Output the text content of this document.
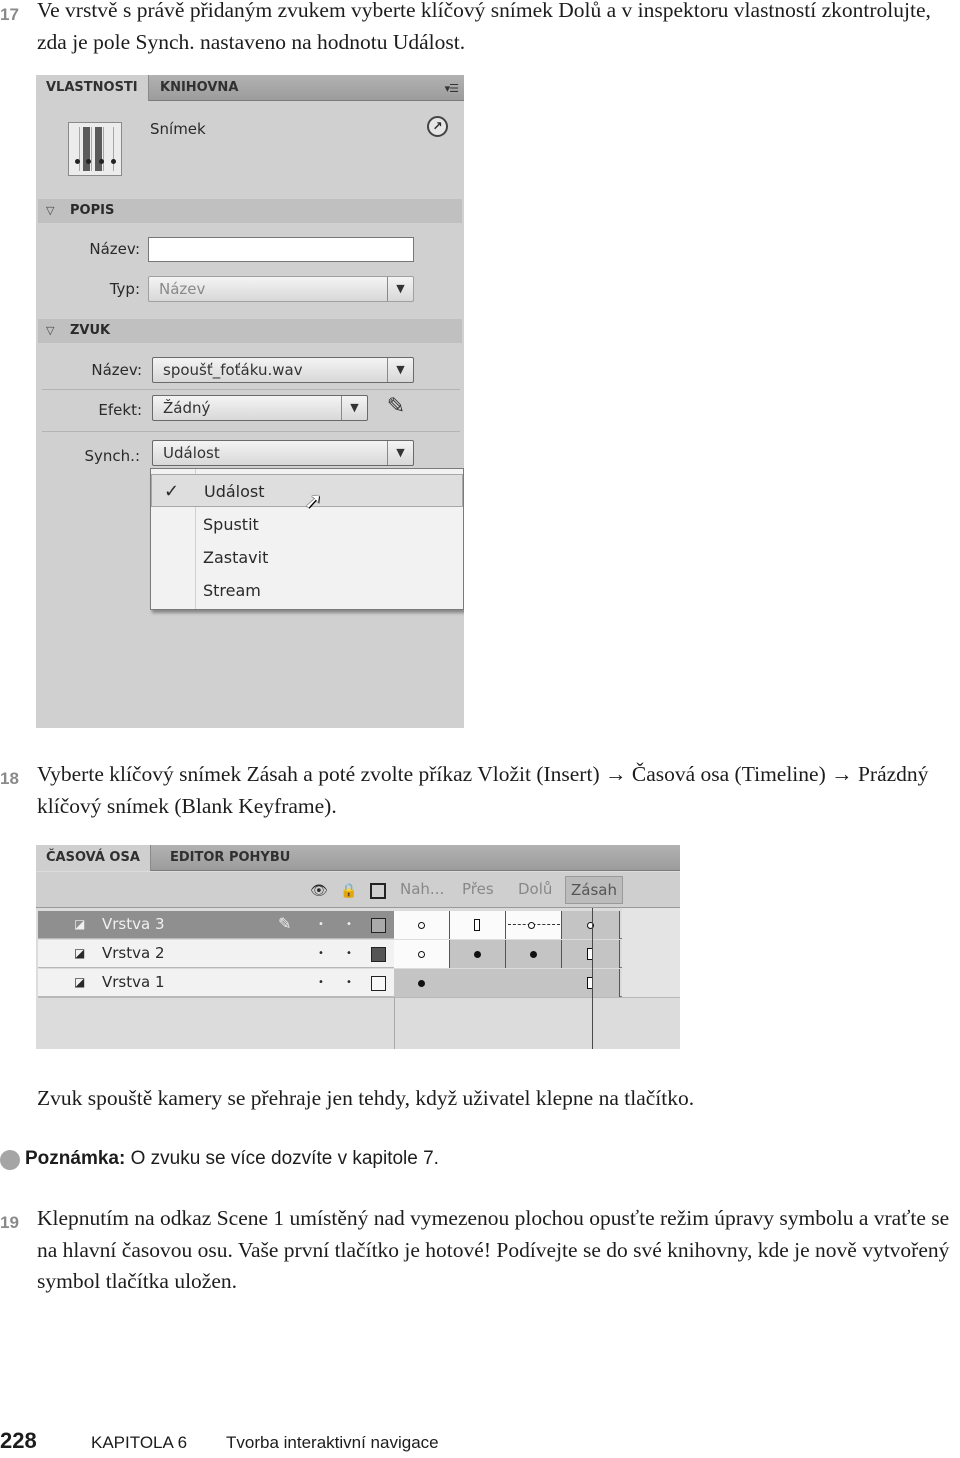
17 Ve vrstvě s právě přidaným zvukem vyberte klíčový snímek Dolů a v inspektoru vlastností zkontrolujte, zda je pole Synch. nastaveno na hodnotu Událost.
VLASTNOSTI	KNIHOVNA	▾☰
Snímek	↗
▽ POPIS
Název:
Typ:	Název	▼
▽ ZVUK
Název:	spoušť_foťáku.wav	▼
Efekt:	Žádný	▼	✎
Synch.:	Událost	▼
✓ Událost
Spustit
Zastavit
Stream
➚
18 Vyberte klíčový snímek Zásah a poté zvolte příkaz Vložit (Insert) → Časová osa (Timeline) → Prázdný klíčový snímek (Blank Keyframe).
ČASOVÁ OSA	EDITOR POHYBU
👁 🔒	Nah... Přes Dolů	Zásah
◪ Vrstva 3	✎	• •
◪ Vrstva 2	• •
◪ Vrstva 1	• •
Zvuk spouště kamery se přehraje jen tehdy, když uživatel klepne na tlačítko.
Poznámka: O zvuku se více dozvíte v kapitole 7.
19 Klepnutím na odkaz Scene 1 umístěný nad vymezenou plochou opusťte režim úpravy symbolu a vraťte se na hlavní časovou osu. Vaše první tlačítko je hotové! Podívejte se do své knihovny, kde je nově vytvořený symbol tlačítka uložen.
228	KAPITOLA 6 Tvorba interaktivní navigace
